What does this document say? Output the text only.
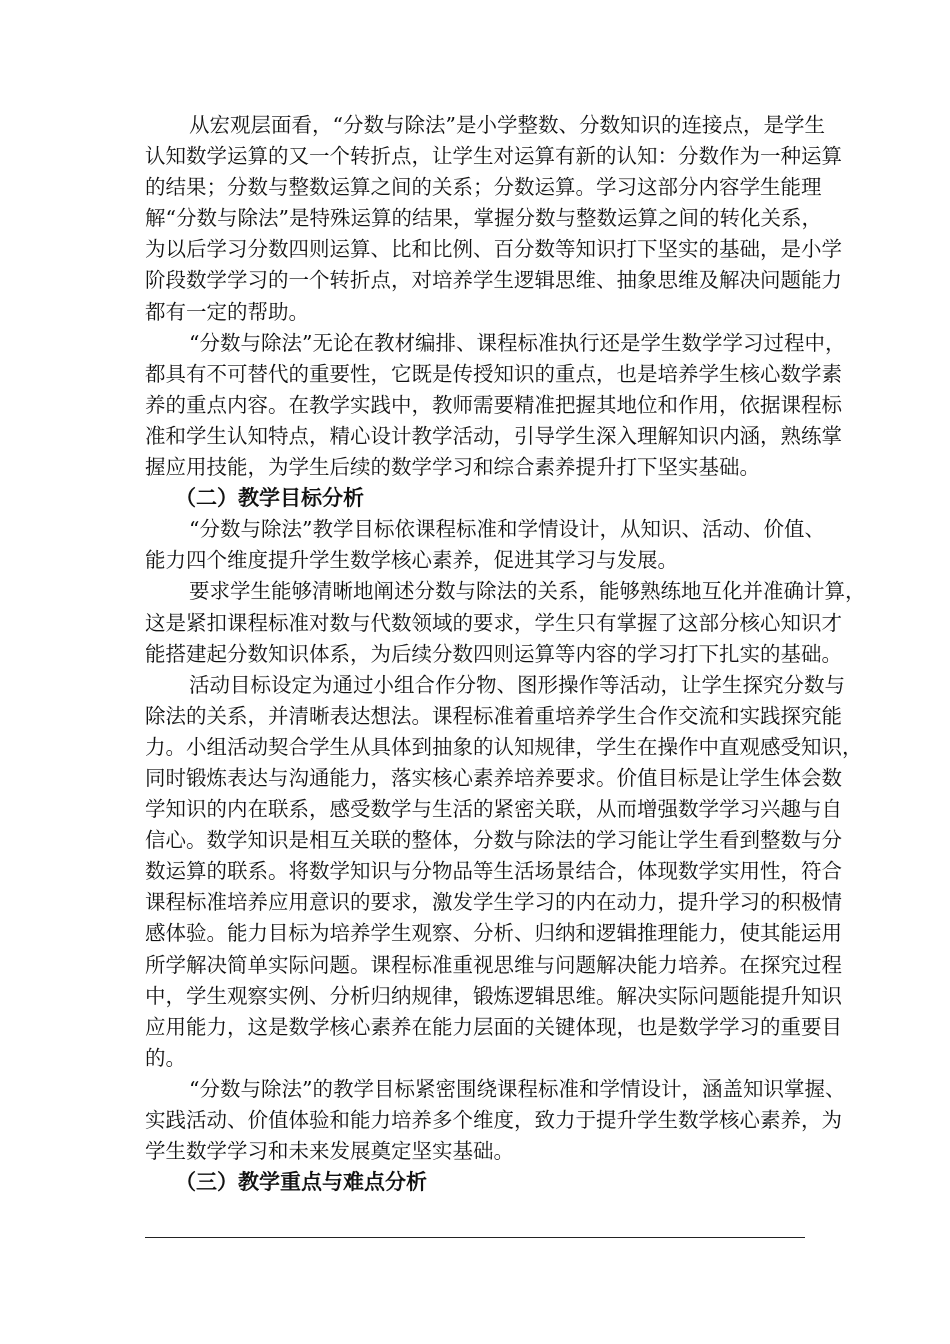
从宏观层面看，“分数与除法”是小学整数、分数知识的连接点，是学生
认知数学运算的又一个转折点，让学生对运算有新的认知：分数作为一种运算
的结果；分数与整数运算之间的关系；分数运算。学习这部分内容学生能理
解“分数与除法”是特殊运算的结果，掌握分数与整数运算之间的转化关系，
为以后学习分数四则运算、比和比例、百分数等知识打下坚实的基础，是小学
阶段数学学习的一个转折点，对培养学生逻辑思维、抽象思维及解决问题能力
都有一定的帮助。
“分数与除法”无论在教材编排、课程标准执行还是学生数学学习过程中，
都具有不可替代的重要性，它既是传授知识的重点，也是培养学生核心数学素
养的重点内容。在教学实践中，教师需要精准把握其地位和作用，依据课程标
准和学生认知特点，精心设计教学活动，引导学生深入理解知识内涵，熟练掌
握应用技能，为学生后续的数学学习和综合素养提升打下坚实基础。
（二）教学目标分析
“分数与除法”教学目标依课程标准和学情设计，从知识、活动、价值、
能力四个维度提升学生数学核心素养，促进其学习与发展。
要求学生能够清晰地阐述分数与除法的关系，能够熟练地互化并准确计算，
这是紧扣课程标准对数与代数领域的要求，学生只有掌握了这部分核心知识才
能搭建起分数知识体系，为后续分数四则运算等内容的学习打下扎实的基础。
活动目标设定为通过小组合作分物、图形操作等活动，让学生探究分数与
除法的关系，并清晰表达想法。课程标准着重培养学生合作交流和实践探究能
力。小组活动契合学生从具体到抽象的认知规律，学生在操作中直观感受知识，
同时锻炼表达与沟通能力，落实核心素养培养要求。价值目标是让学生体会数
学知识的内在联系，感受数学与生活的紧密关联，从而增强数学学习兴趣与自
信心。数学知识是相互关联的整体，分数与除法的学习能让学生看到整数与分
数运算的联系。将数学知识与分物品等生活场景结合，体现数学实用性，符合
课程标准培养应用意识的要求，激发学生学习的内在动力，提升学习的积极情
感体验。能力目标为培养学生观察、分析、归纳和逻辑推理能力，使其能运用
所学解决简单实际问题。课程标准重视思维与问题解决能力培养。在探究过程
中，学生观察实例、分析归纳规律，锻炼逻辑思维。解决实际问题能提升知识
应用能力，这是数学核心素养在能力层面的关键体现，也是数学学习的重要目
的。
“分数与除法”的教学目标紧密围绕课程标准和学情设计，涵盖知识掌握、
实践活动、价值体验和能力培养多个维度，致力于提升学生数学核心素养，为
学生数学学习和未来发展奠定坚实基础。
（三）教学重点与难点分析
